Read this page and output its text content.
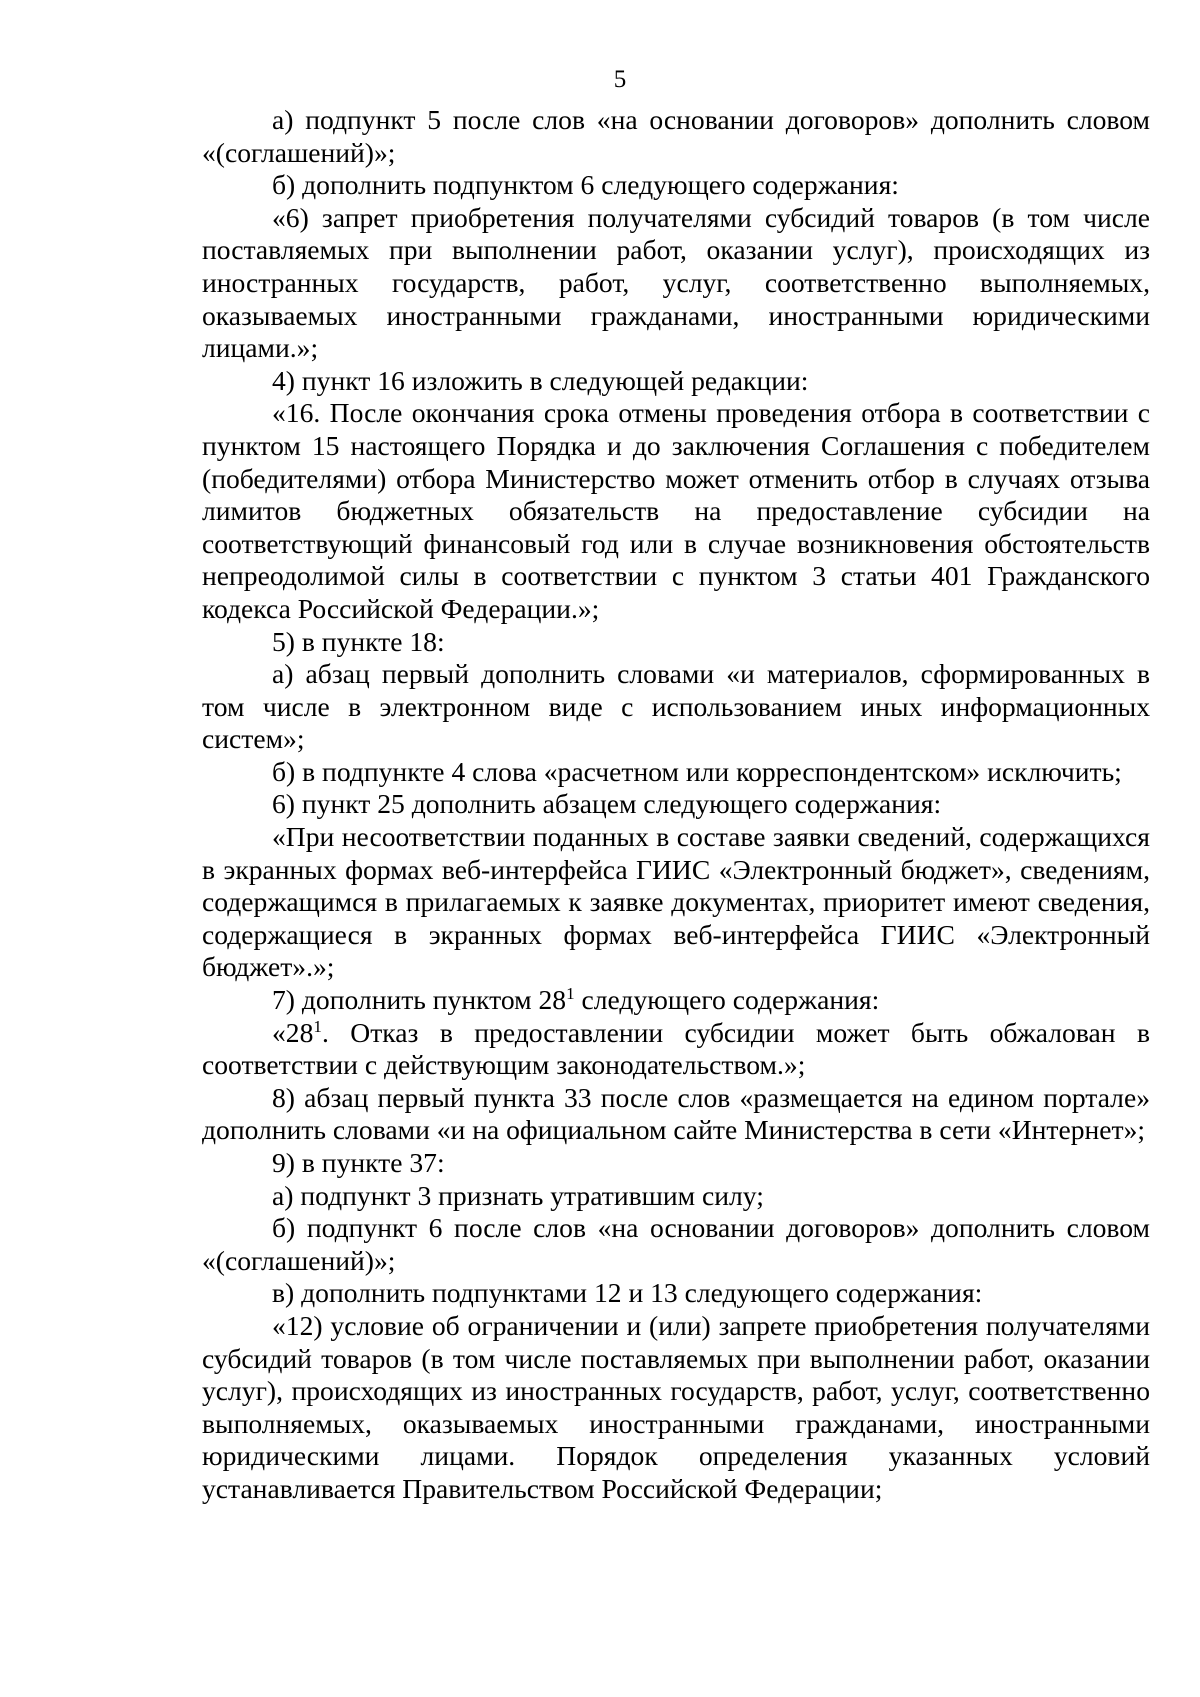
5

а) подпункт 5 после слов «на основании договоров» дополнить словом «(соглашений)»;

б) дополнить подпунктом 6 следующего содержания:

«6) запрет приобретения получателями субсидий товаров (в том числе поставляемых при выполнении работ, оказании услуг), происходящих из иностранных государств, работ, услуг, соответственно выполняемых, оказываемых иностранными гражданами, иностранными юридическими лицами.»;

4) пункт 16 изложить в следующей редакции:

«16. После окончания срока отмены проведения отбора в соответствии с пунктом 15 настоящего Порядка и до заключения Соглашения с победителем (победителями) отбора Министерство может отменить отбор в случаях отзыва лимитов бюджетных обязательств на предоставление субсидии на соответствующий финансовый год или в случае возникновения обстоятельств непреодолимой силы в соответствии с пунктом 3 статьи 401 Гражданского кодекса Российской Федерации.»;

5) в пункте 18:

а) абзац первый дополнить словами «и материалов, сформированных в том числе в электронном виде с использованием иных информационных систем»;

б) в подпункте 4 слова «расчетном или корреспондентском» исключить;

6) пункт 25 дополнить абзацем следующего содержания:

«При несоответствии поданных в составе заявки сведений, содержащихся в экранных формах веб-интерфейса ГИИС «Электронный бюджет», сведениям, содержащимся в прилагаемых к заявке документах, приоритет имеют сведения, содержащиеся в экранных формах веб-интерфейса ГИИС «Электронный бюджет».»;

7) дополнить пунктом $28^1$ следующего содержания:

«$28^1$. Отказ в предоставлении субсидии может быть обжалован в соответствии с действующим законодательством.»;

8) абзац первый пункта 33 после слов «размещается на едином портале» дополнить словами «и на официальном сайте Министерства в сети «Интернет»;

9) в пункте 37:

а) подпункт 3 признать утратившим силу;

б) подпункт 6 после слов «на основании договоров» дополнить словом «(соглашений)»;

в) дополнить подпунктами 12 и 13 следующего содержания:

«12) условие об ограничении и (или) запрете приобретения получателями субсидий товаров (в том числе поставляемых при выполнении работ, оказании услуг), происходящих из иностранных государств, работ, услуг, соответственно выполняемых, оказываемых иностранными гражданами, иностранными юридическими лицами. Порядок определения указанных условий устанавливается Правительством Российской Федерации;
